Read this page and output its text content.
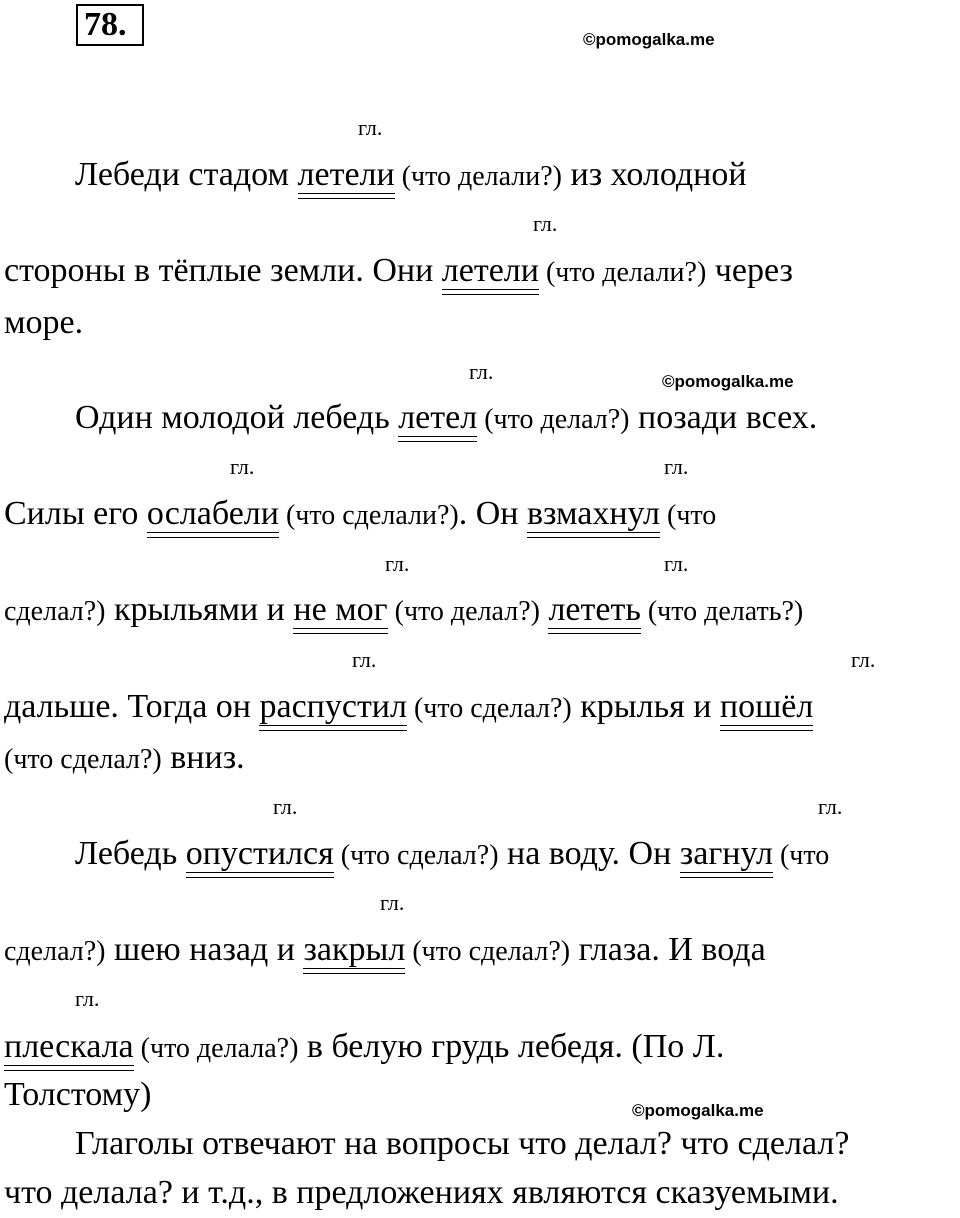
78.	©pomogalka.me
©pomogalka.me
©pomogalka.me
гл.
гл.
гл.
гл.	гл.
гл.	гл.
гл.	гл.
гл.	гл.
гл.
гл.
Лебеди стадом летели (что делали?) из холодной
стороны в тёплые земли. Они летели (что делали?) через
море.
Один молодой лебедь летел (что делал?) позади всех.
Силы его ослабели (что сделали?). Он взмахнул (что
сделал?) крыльями и не мог (что делал?) лететь (что делать?)
дальше. Тогда он распустил (что сделал?) крылья и пошёл
(что сделал?) вниз.
Лебедь опустился (что сделал?) на воду. Он загнул (что
сделал?) шею назад и закрыл (что сделал?) глаза. И вода
плескала (что делала?) в белую грудь лебедя. (По Л.
Толстому)
Глаголы отвечают на вопросы что делал? что сделал?
что делала? и т.д., в предложениях являются сказуемыми.
